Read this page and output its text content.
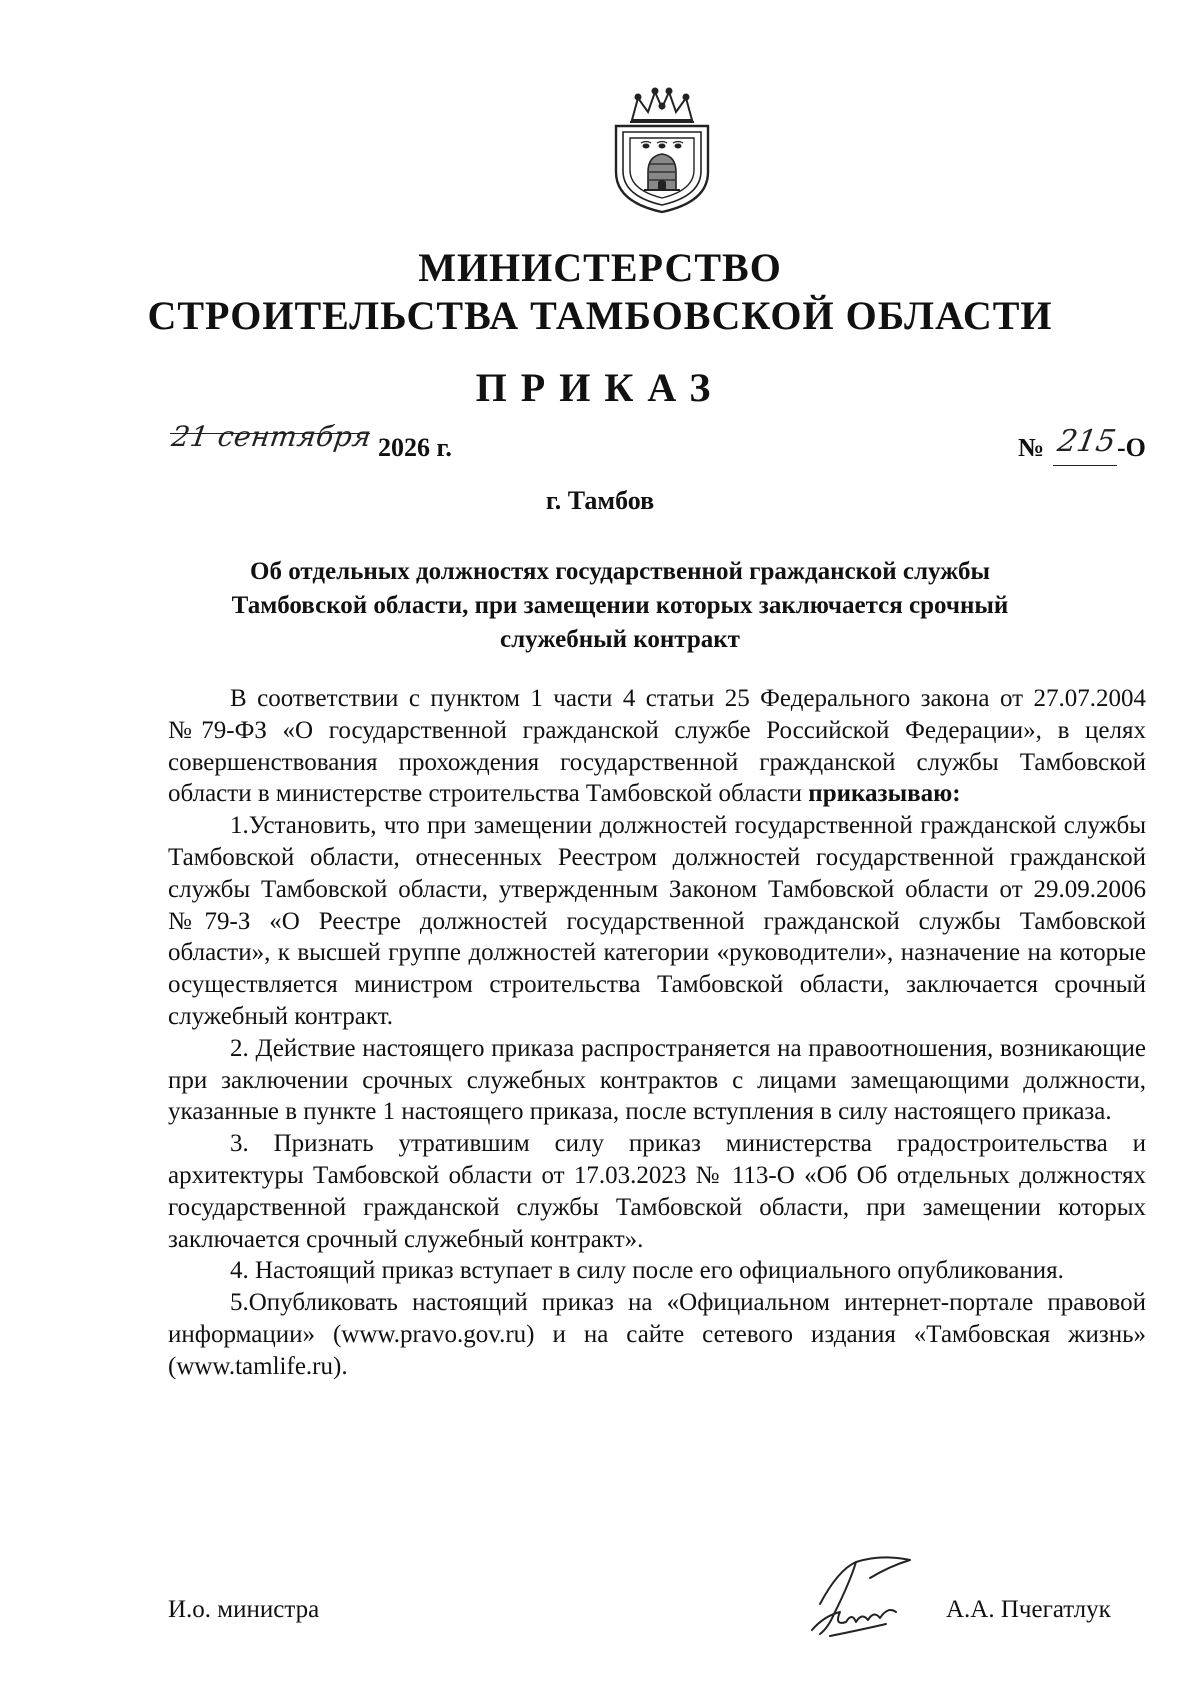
МИНИСТЕРСТВО
СТРОИТЕЛЬСТВА ТАМБОВСКОЙ ОБЛАСТИ
ПРИКАЗ
21 сентября 2026 г.	№ 215
-О
г. Тамбов
Об отдельных должностях государственной гражданской службы
Тамбовской области, при замещении которых заключается срочный
служебный контракт

В соответствии с пунктом 1 части 4 статьи 25 Федерального закона от 27.07.2004 №79-ФЗ «О государственной гражданской службе Российской Федерации», в целях совершенствования прохождения государственной гражданской службы Тамбовской области в министерстве строительства Тамбовской области приказываю:

1.Установить, что при замещении должностей государственной гражданской службы Тамбовской области, отнесенных Реестром должностей государственной гражданской службы Тамбовской области, утвержденным Законом Тамбовской области от 29.09.2006 №79-З «О Реестре должностей государственной гражданской службы Тамбовской области», к высшей группе должностей категории «руководители», назначение на которые осуществляется министром строительства Тамбовской области, заключается срочный служебный контракт.

2. Действие настоящего приказа распространяется на правоотношения, возникающие при заключении срочных служебных контрактов с лицами замещающими должности, указанные в пункте 1 настоящего приказа, после вступления в силу настоящего приказа.

3. Признать утратившим силу приказ министерства градостроительства и архитектуры Тамбовской области от 17.03.2023 № 113-О «Об Об отдельных должностях государственной гражданской службы Тамбовской области, при замещении которых заключается срочный служебный контракт».

4. Настоящий приказ вступает в силу после его официального опубликования.

5.Опубликовать настоящий приказ на «Официальном интернет-портале правовой информации» (www.pravo.gov.ru) и на сайте сетевого издания «Тамбовская жизнь» (www.tamlife.ru).

И.о. министра	А.А. Пчегатлук
